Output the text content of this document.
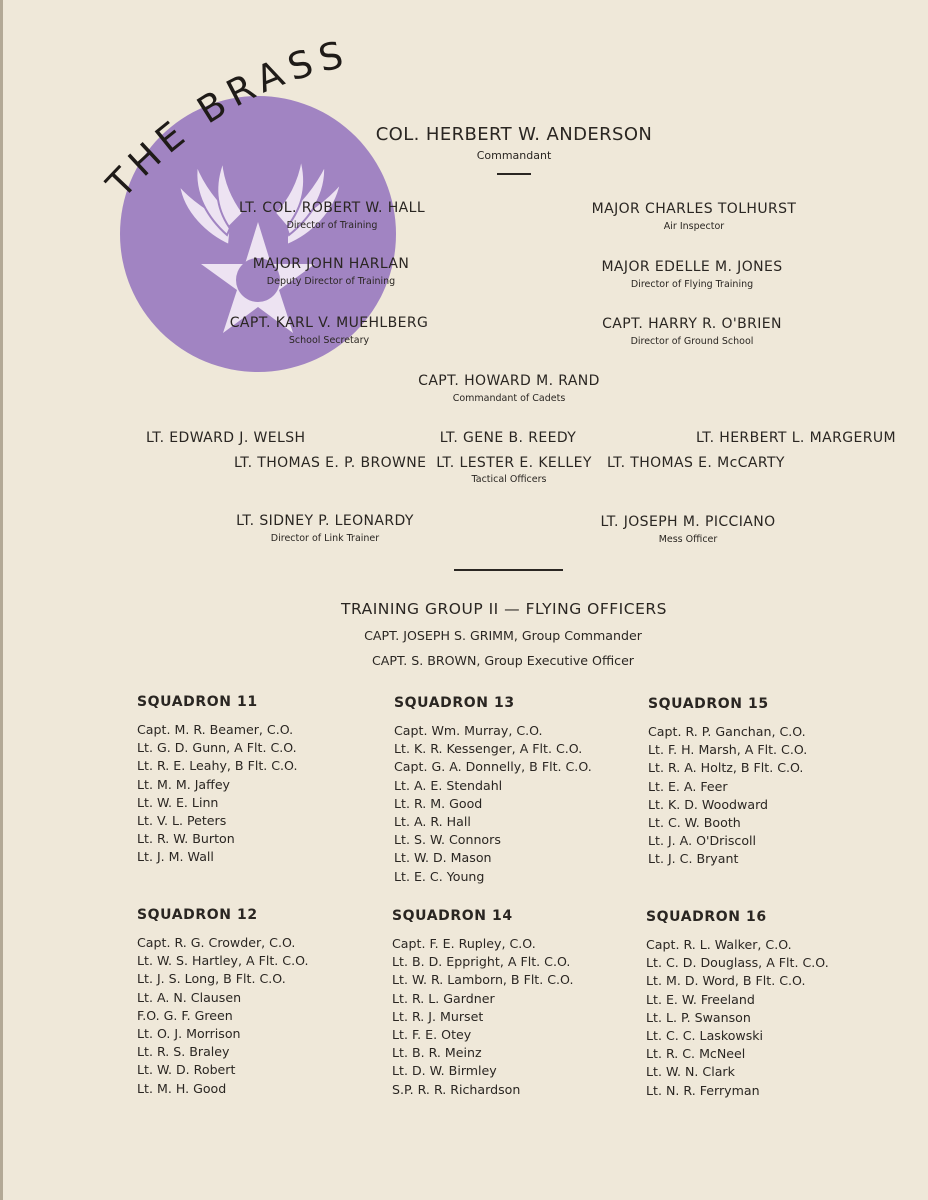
THE BRASS
COL. HERBERT W. ANDERSON
Commandant
LT. COL. ROBERT W. HALL
Director of Training
MAJOR JOHN HARLAN
Deputy Director of Training
CAPT. KARL V. MUEHLBERG
School Secretary
MAJOR CHARLES TOLHURST
Air Inspector
MAJOR EDELLE M. JONES
Director of Flying Training
CAPT. HARRY R. O'BRIEN
Director of Ground School
CAPT. HOWARD M. RAND
Commandant of Cadets
LT. EDWARD J. WELSH	LT. GENE B. REEDY	LT. HERBERT L. MARGERUM
LT. THOMAS E. P. BROWNE LT. LESTER E. KELLEY LT. THOMAS E. McCARTY
Tactical Officers
LT. SIDNEY P. LEONARDY
Director of Link Trainer
LT. JOSEPH M. PICCIANO
Mess Officer
TRAINING GROUP II — FLYING OFFICERS
CAPT. JOSEPH S. GRIMM, Group Commander
CAPT. S. BROWN, Group Executive Officer
SQUADRON 11
Capt. M. R. Beamer, C.O.
Lt. G. D. Gunn, A Flt. C.O.
Lt. R. E. Leahy, B Flt. C.O.
Lt. M. M. Jaffey
Lt. W. E. Linn
Lt. V. L. Peters
Lt. R. W. Burton
Lt. J. M. Wall
SQUADRON 13
Capt. Wm. Murray, C.O.
Lt. K. R. Kessenger, A Flt. C.O.
Capt. G. A. Donnelly, B Flt. C.O.
Lt. A. E. Stendahl
Lt. R. M. Good
Lt. A. R. Hall
Lt. S. W. Connors
Lt. W. D. Mason
Lt. E. C. Young
SQUADRON 15
Capt. R. P. Ganchan, C.O.
Lt. F. H. Marsh, A Flt. C.O.
Lt. R. A. Holtz, B Flt. C.O.
Lt. E. A. Feer
Lt. K. D. Woodward
Lt. C. W. Booth
Lt. J. A. O'Driscoll
Lt. J. C. Bryant
SQUADRON 12
Capt. R. G. Crowder, C.O.
Lt. W. S. Hartley, A Flt. C.O.
Lt. J. S. Long, B Flt. C.O.
Lt. A. N. Clausen
F.O. G. F. Green
Lt. O. J. Morrison
Lt. R. S. Braley
Lt. W. D. Robert
Lt. M. H. Good
SQUADRON 14
Capt. F. E. Rupley, C.O.
Lt. B. D. Eppright, A Flt. C.O.
Lt. W. R. Lamborn, B Flt. C.O.
Lt. R. L. Gardner
Lt. R. J. Murset
Lt. F. E. Otey
Lt. B. R. Meinz
Lt. D. W. Birmley
S.P. R. R. Richardson
SQUADRON 16
Capt. R. L. Walker, C.O.
Lt. C. D. Douglass, A Flt. C.O.
Lt. M. D. Word, B Flt. C.O.
Lt. E. W. Freeland
Lt. L. P. Swanson
Lt. C. C. Laskowski
Lt. R. C. McNeel
Lt. W. N. Clark
Lt. N. R. Ferryman
